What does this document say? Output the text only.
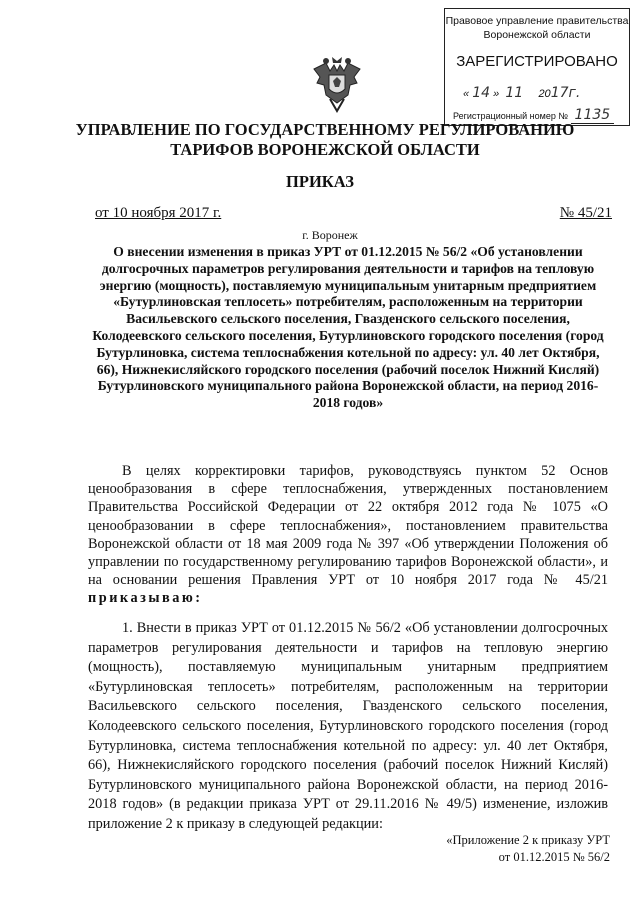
Правовое управление правительства Воронежской области
ЗАРЕГИСТРИРОВАНО
« 14 » 11 2017г.
Регистрационный номер № 1135
УПРАВЛЕНИЕ ПО ГОСУДАРСТВЕННОМУ РЕГУЛИРОВАНИЮ
ТАРИФОВ ВОРОНЕЖСКОЙ ОБЛАСТИ
ПРИКАЗ
от 10 ноября 2017 г.	№ 45/21
г. Воронеж
О внесении изменения в приказ УРТ от 01.12.2015 № 56/2 «Об установлении долгосрочных параметров регулирования деятельности и тарифов на тепловую энергию (мощность), поставляемую муниципальным унитарным предприятием «Бутурлиновская теплосеть» потребителям, расположенным на территории Васильевского сельского поселения, Гвазденского сельского поселения, Колодеевского сельского поселения, Бутурлиновского городского поселения (город Бутурлиновка, система теплоснабжения котельной по адресу: ул. 40 лет Октября, 66), Нижнекисляйского городского поселения (рабочий поселок Нижний Кисляй) Бутурлиновского муниципального района Воронежской области, на период 2016-2018 годов»
В целях корректировки тарифов, руководствуясь пунктом 52 Основ ценообразования в сфере теплоснабжения, утвержденных постановлением Правительства Российской Федерации от 22 октября 2012 года № 1075 «О ценообразовании в сфере теплоснабжения», постановлением правительства Воронежской области от 18 мая 2009 года № 397 «Об утверждении Положения об управлении по государственному регулированию тарифов Воронежской области», и на основании решения Правления УРТ от 10 ноября 2017 года № 45/21 приказываю:
1. Внести в приказ УРТ от 01.12.2015 № 56/2 «Об установлении долгосрочных параметров регулирования деятельности и тарифов на тепловую энергию (мощность), поставляемую муниципальным унитарным предприятием «Бутурлиновская теплосеть» потребителям, расположенным на территории Васильевского сельского поселения, Гвазденского сельского поселения, Колодеевского сельского поселения, Бутурлиновского городского поселения (город Бутурлиновка, система теплоснабжения котельной по адресу: ул. 40 лет Октября, 66), Нижнекисляйского городского поселения (рабочий поселок Нижний Кисляй) Бутурлиновского муниципального района Воронежской области, на период 2016-2018 годов» (в редакции приказа УРТ от 29.11.2016 № 49/5) изменение, изложив приложение 2 к приказу в следующей редакции:
«Приложение 2 к приказу УРТ
от 01.12.2015 № 56/2
